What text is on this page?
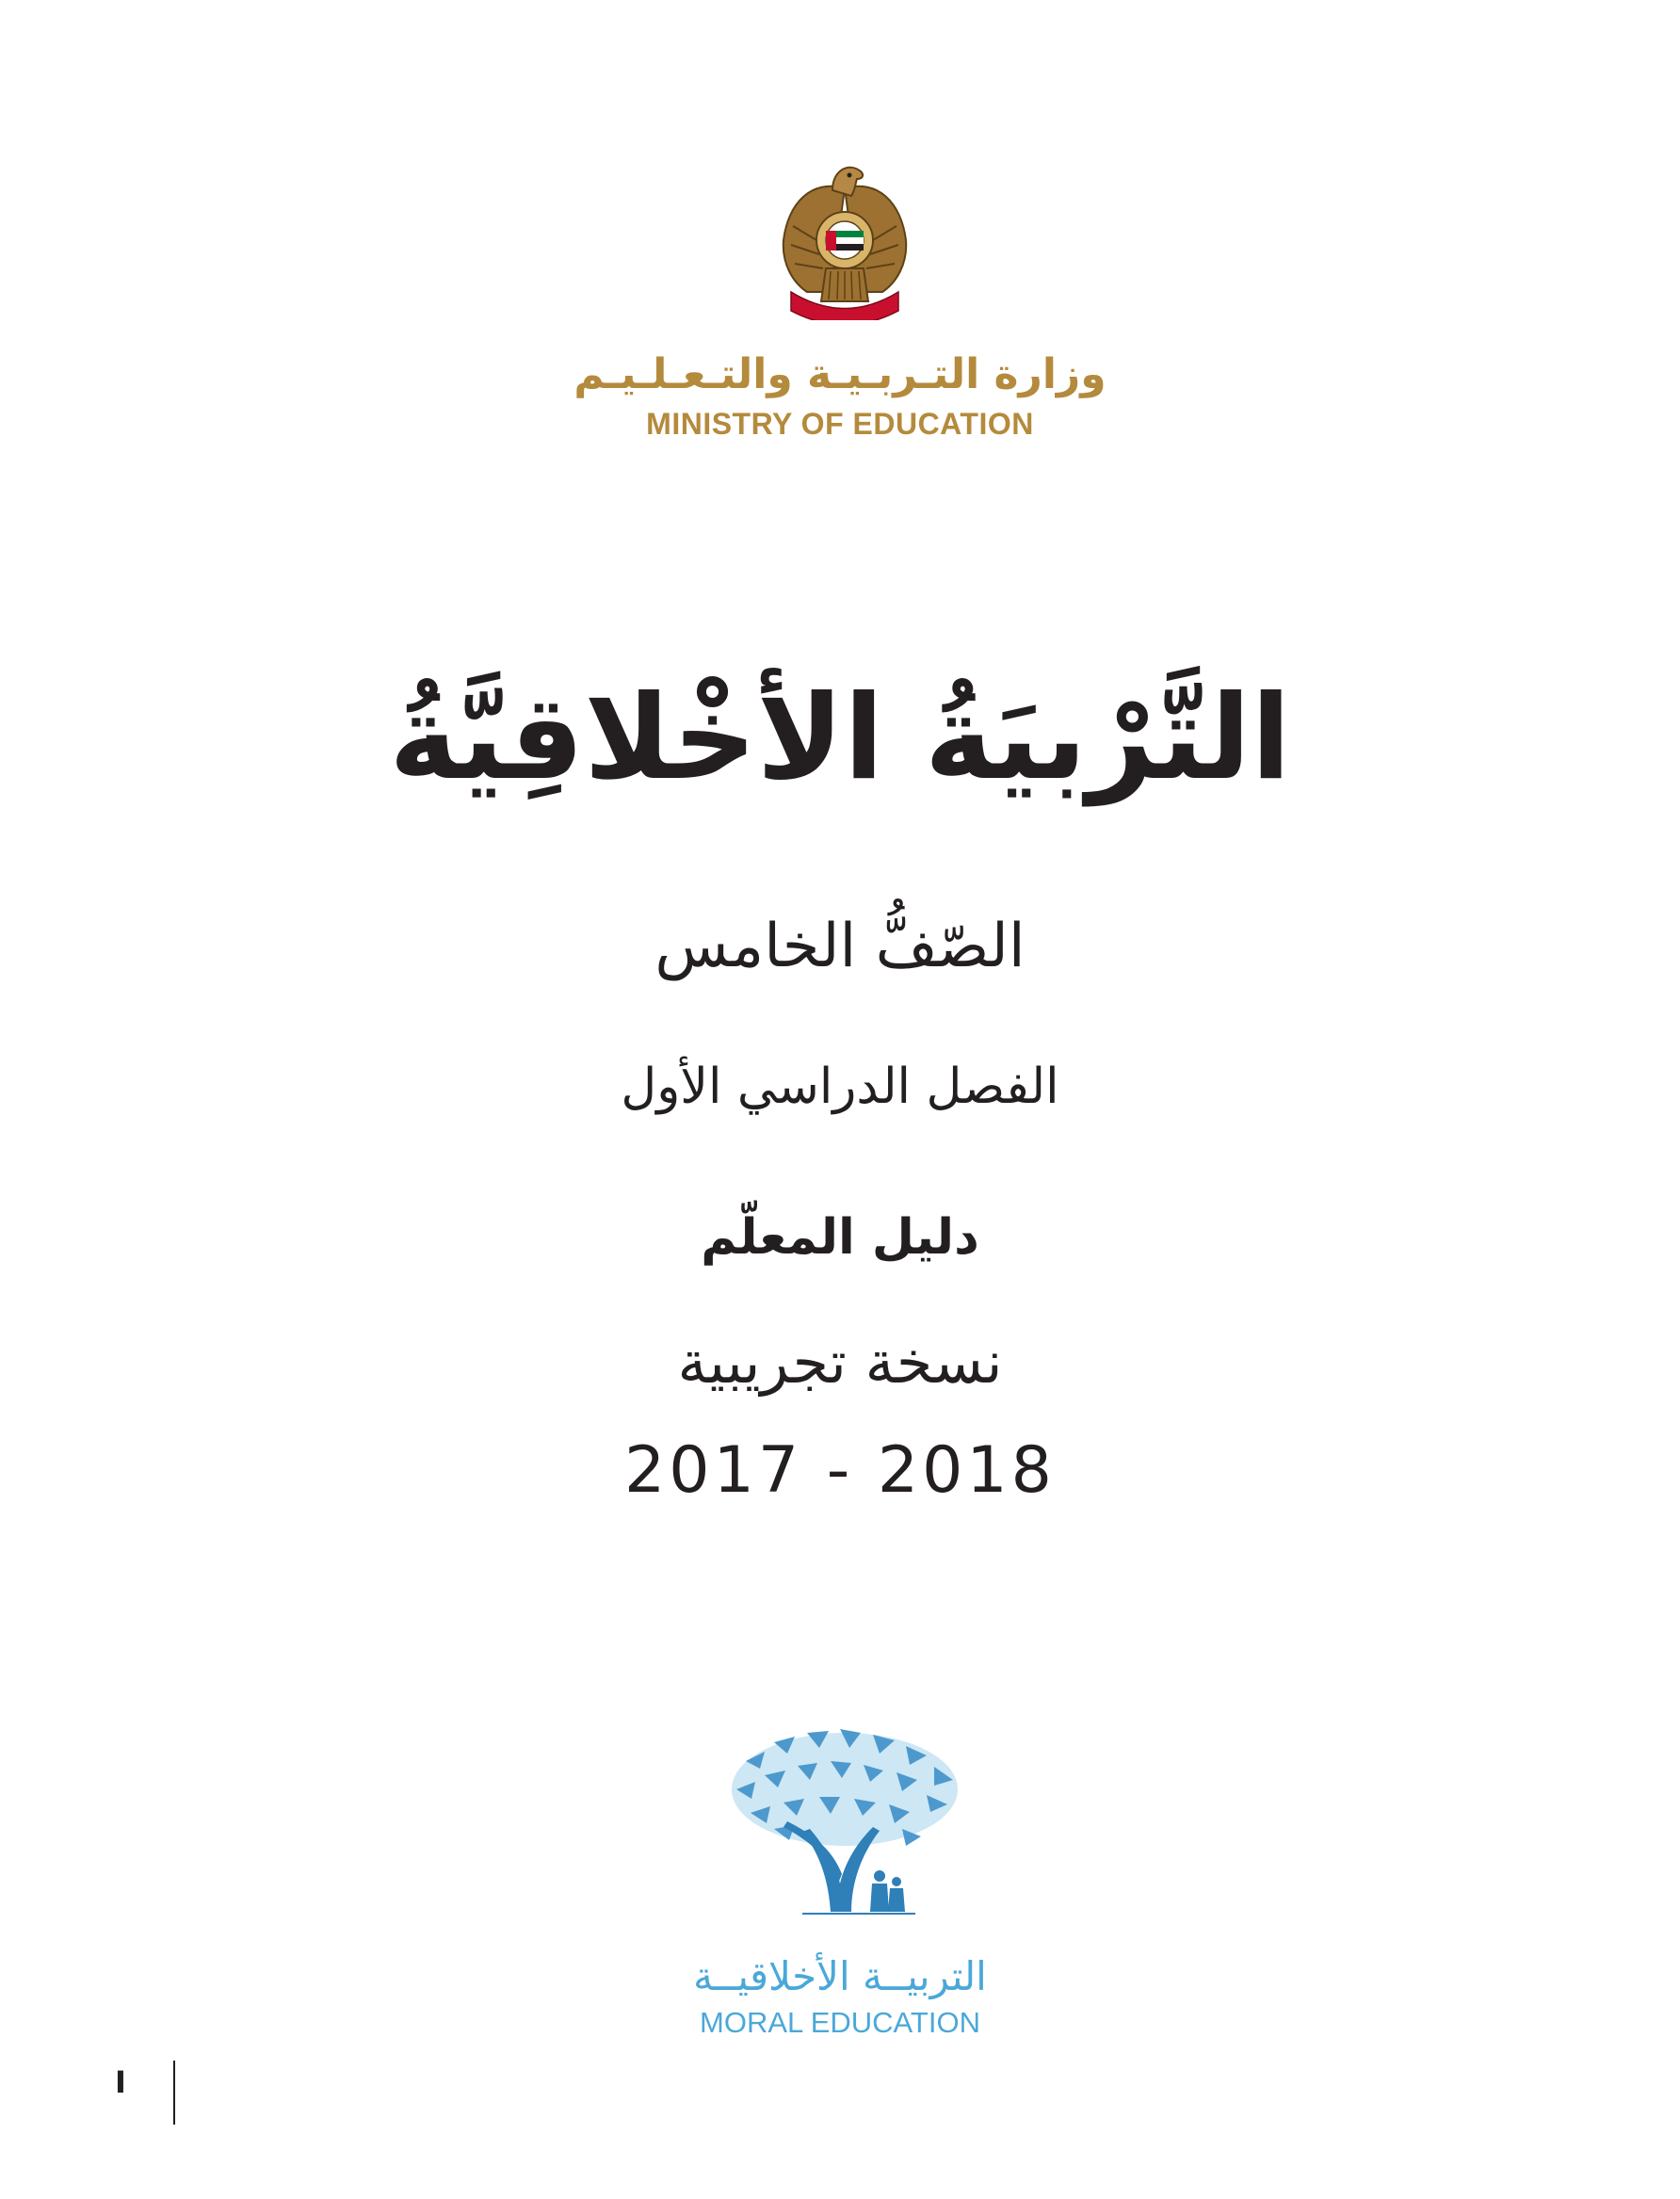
وزارة التـربـيـة والتـعـلـيـم
MINISTRY OF EDUCATION
التَّرْبيَةُ الأخْلاقِيَّةُ
الصّفُّ الخامس
الفصل الدراسي الأول
دليل المعلّم
نسخة تجريبية
2017 - 2018
التربيــة الأخلاقيــة
MORAL EDUCATION
I
